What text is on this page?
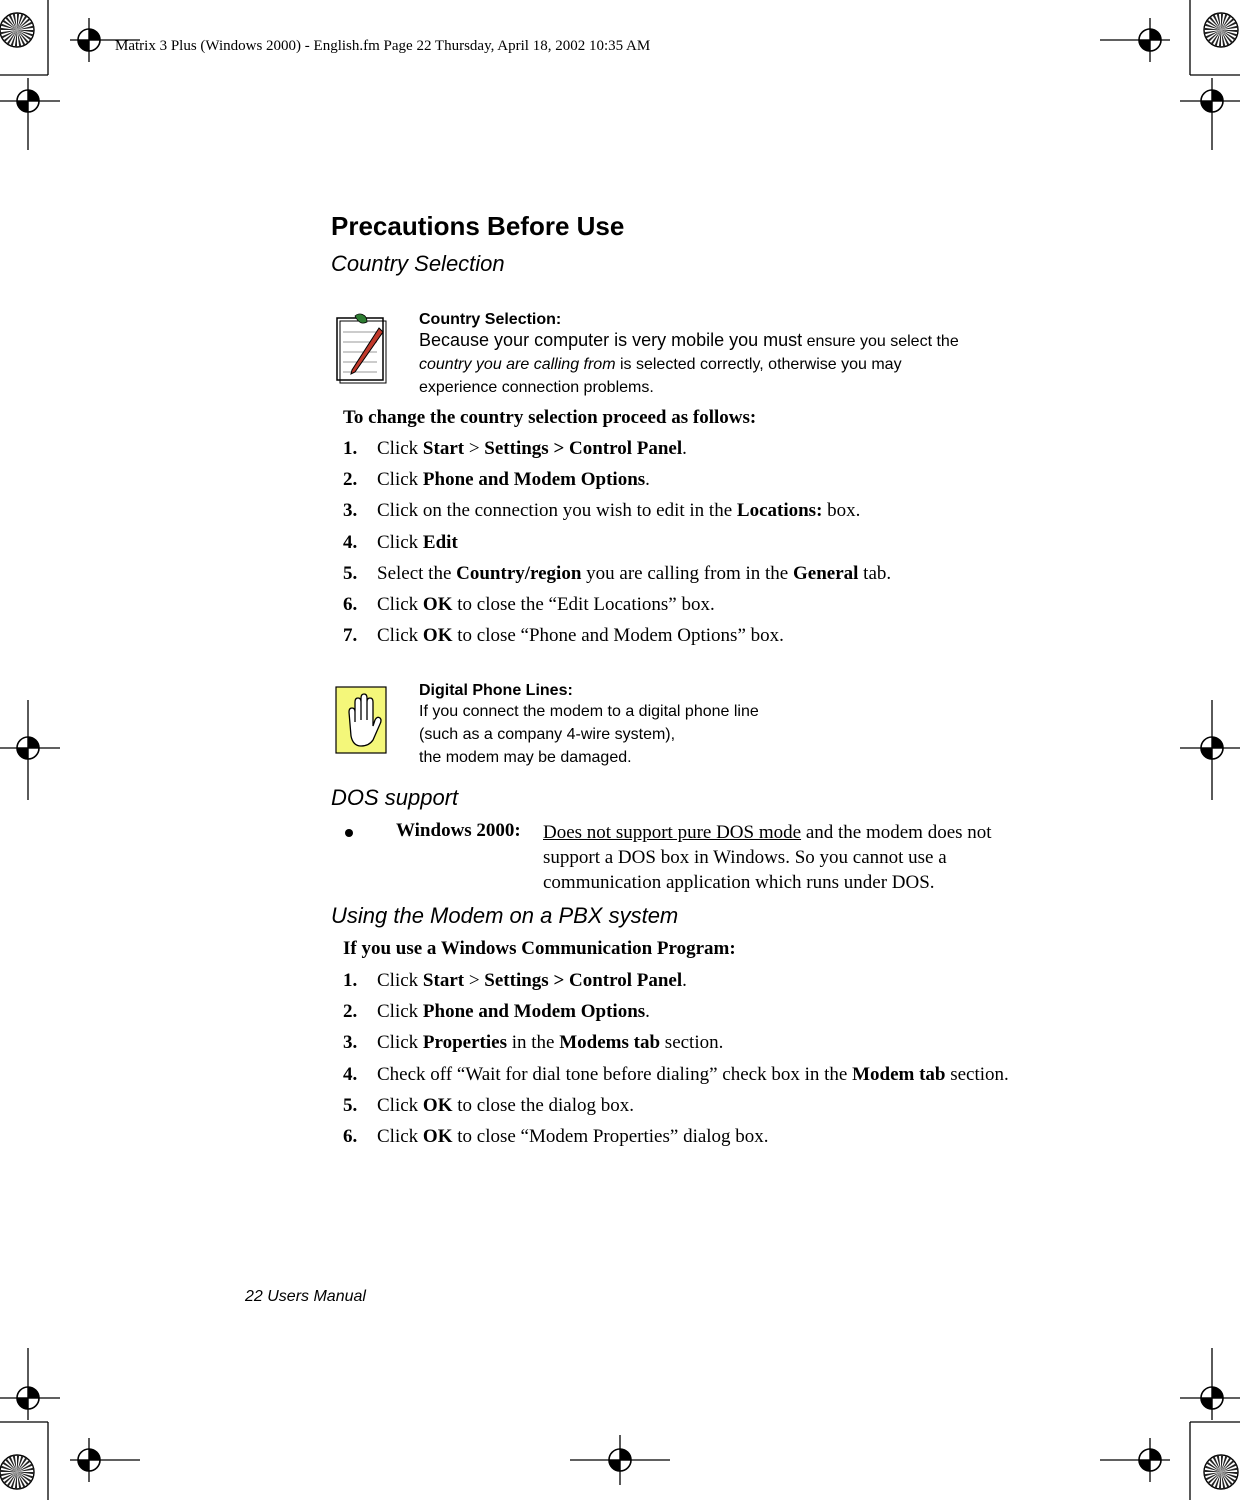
Matrix 3 Plus (Windows 2000) - English.fm Page 22 Thursday, April 18, 2002 10:35 AM
Precautions Before Use
Country Selection
Country Selection:
Because your computer is very mobile you must ensure you select the
country you are calling from is selected correctly, otherwise you may
experience connection problems.
To change the country selection proceed as follows:
1. Click Start > Settings > Control Panel.
2. Click Phone and Modem Options.
3. Click on the connection you wish to edit in the Locations: box.
4. Click Edit
5. Select the Country/region you are calling from in the General tab.
6. Click OK to close the “Edit Locations” box.
7. Click OK to close “Phone and Modem Options” box.
Digital Phone Lines:
If you connect the modem to a digital phone line
(such as a company 4-wire system),
the modem may be damaged.
DOS support
Windows 2000: Does not support pure DOS mode and the modem does not
support a DOS box in Windows. So you cannot use a
communication application which runs under DOS.
Using the Modem on a PBX system
If you use a Windows Communication Program:
1. Click Start > Settings > Control Panel.
2. Click Phone and Modem Options.
3. Click Properties in the Modems tab section.
4. Check off “Wait for dial tone before dialing” check box in the Modem tab section.
5. Click OK to close the dialog box.
6. Click OK to close “Modem Properties” dialog box.
22 Users Manual
